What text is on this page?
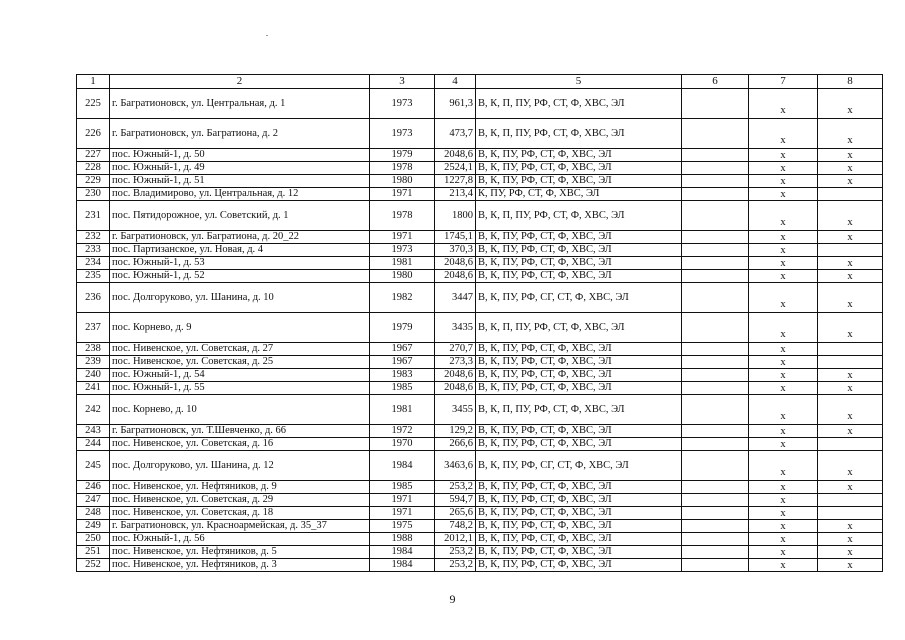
1	2	3	4	5	6	7	8
225	г. Багратионовск, ул. Центральная, д. 1	1973	961,3	В, К, П, ПУ, РФ, СТ, Ф, ХВС, ЭЛ		х	х
226	г. Багратионовск, ул. Багратиона, д. 2	1973	473,7	В, К, П, ПУ, РФ, СТ, Ф, ХВС, ЭЛ		х	х
227	пос. Южный-1, д. 50	1979	2048,6	В, К, ПУ, РФ, СТ, Ф, ХВС, ЭЛ		х	х
228	пос. Южный-1, д. 49	1978	2524,1	В, К, ПУ, РФ, СТ, Ф, ХВС, ЭЛ		х	х
229	пос. Южный-1, д. 51	1980	1227,8	В, К, ПУ, РФ, СТ, Ф, ХВС, ЭЛ		х	х
230	пос. Владимирово, ул. Центральная, д. 12	1971	213,4	К, ПУ, РФ, СТ, Ф, ХВС, ЭЛ		х	
231	пос. Пятидорожное, ул. Советский, д. 1	1978	1800	В, К, П, ПУ, РФ, СТ, Ф, ХВС, ЭЛ		х	х
232	г. Багратионовск, ул. Багратиона, д. 20_22	1971	1745,1	В, К, ПУ, РФ, СТ, Ф, ХВС, ЭЛ		х	х
233	пос. Партизанское, ул. Новая, д. 4	1973	370,3	В, К, ПУ, РФ, СТ, Ф, ХВС, ЭЛ		х	
234	пос. Южный-1, д. 53	1981	2048,6	В, К, ПУ, РФ, СТ, Ф, ХВС, ЭЛ		х	х
235	пос. Южный-1, д. 52	1980	2048,6	В, К, ПУ, РФ, СТ, Ф, ХВС, ЭЛ		х	х
236	пос. Долгоруково, ул. Шанина, д. 10	1982	3447	В, К, ПУ, РФ, СГ, СТ, Ф, ХВС, ЭЛ		х	х
237	пос. Корнево, д. 9	1979	3435	В, К, П, ПУ, РФ, СТ, Ф, ХВС, ЭЛ		х	х
238	пос. Нивенское, ул. Советская, д. 27	1967	270,7	В, К, ПУ, РФ, СТ, Ф, ХВС, ЭЛ		х	
239	пос. Нивенское, ул. Советская, д. 25	1967	273,3	В, К, ПУ, РФ, СТ, Ф, ХВС, ЭЛ		х	
240	пос. Южный-1, д. 54	1983	2048,6	В, К, ПУ, РФ, СТ, Ф, ХВС, ЭЛ		х	х
241	пос. Южный-1, д. 55	1985	2048,6	В, К, ПУ, РФ, СТ, Ф, ХВС, ЭЛ		х	х
242	пос. Корнево, д. 10	1981	3455	В, К, П, ПУ, РФ, СТ, Ф, ХВС, ЭЛ		х	х
243	г. Багратионовск, ул. Т.Шевченко, д. 66	1972	129,2	В, К, ПУ, РФ, СТ, Ф, ХВС, ЭЛ		х	х
244	пос. Нивенское, ул. Советская, д. 16	1970	266,6	В, К, ПУ, РФ, СТ, Ф, ХВС, ЭЛ		х	
245	пос. Долгоруково, ул. Шанина, д. 12	1984	3463,6	В, К, ПУ, РФ, СГ, СТ, Ф, ХВС, ЭЛ		х	х
246	пос. Нивенское, ул. Нефтяников, д. 9	1985	253,2	В, К, ПУ, РФ, СТ, Ф, ХВС, ЭЛ		х	х
247	пос. Нивенское, ул. Советская, д. 29	1971	594,7	В, К, ПУ, РФ, СТ, Ф, ХВС, ЭЛ		х	
248	пос. Нивенское, ул. Советская, д. 18	1971	265,6	В, К, ПУ, РФ, СТ, Ф, ХВС, ЭЛ		х	
249	г. Багратионовск, ул. Красноармейская, д. 35_37	1975	748,2	В, К, ПУ, РФ, СТ, Ф, ХВС, ЭЛ		х	х
250	пос. Южный-1, д. 56	1988	2012,1	В, К, ПУ, РФ, СТ, Ф, ХВС, ЭЛ		х	х
251	пос. Нивенское, ул. Нефтяников, д. 5	1984	253,2	В, К, ПУ, РФ, СТ, Ф, ХВС, ЭЛ		х	х
252	пос. Нивенское, ул. Нефтяников, д. 3	1984	253,2	В, К, ПУ, РФ, СТ, Ф, ХВС, ЭЛ		х	х
9
